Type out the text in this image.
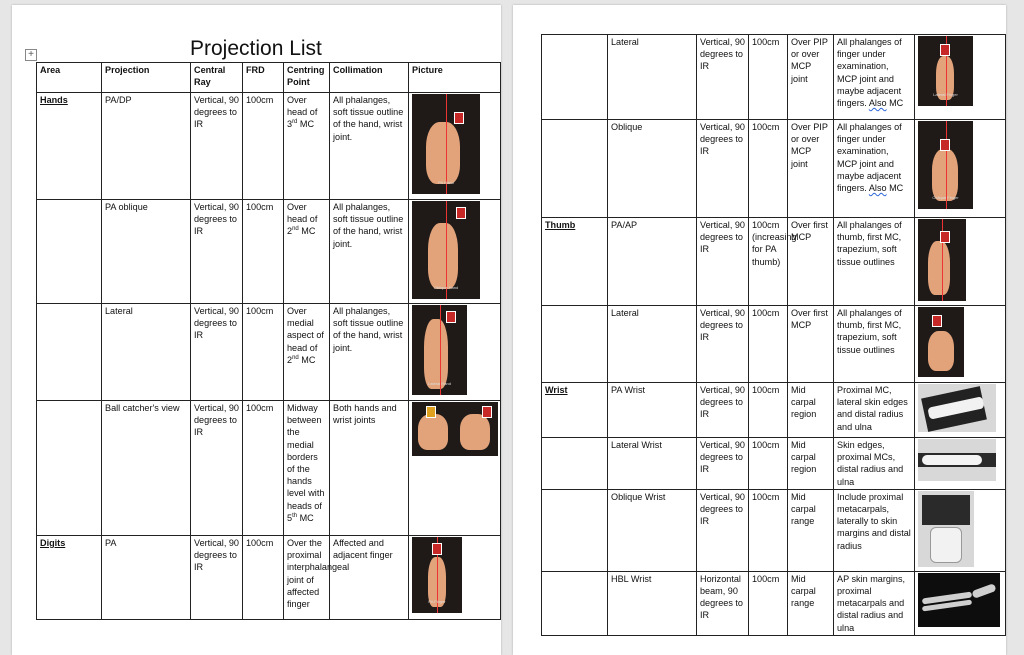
+	Projection List
Area	Projection	Central Ray	FRD	Centring Point	Collimation	Picture
Hands	PA/DP	Vertical, 90 degrees to IR	100cm	Over head of 3rd MC	All phalanges, soft tissue outline of the hand, wrist joint.	PA Hand

	PA oblique	Vertical, 90 degrees to IR	100cm	Over head of 2nd MC	All phalanges, soft tissue outline of the hand, wrist joint.	Oblique Hand

	Lateral	Vertical, 90 degrees to IR	100cm	Over medial aspect of head of 2nd MC	All phalanges, soft tissue outline of the hand, wrist joint.	Lateral Hand

	Ball catcher's view	Vertical, 90 degrees to IR	100cm	Midway between the medial borders of the hands level with heads of 5th MC	Both hands and wrist joints	

Digits	PA	Vertical, 90 degrees to IR	100cm	Over the proximal interphalangeal joint of affected finger	Affected and adjacent finger	PA Finger
	Lateral	Vertical, 90 degrees to IR	100cm	Over PIP or over MCP joint	All phalanges of finger under examination, MCP joint and maybe adjacent fingers. Also MC	Lateral Finger

	Oblique	Vertical, 90 degrees to IR	100cm	Over PIP or over MCP joint	All phalanges of finger under examination, MCP joint and maybe adjacent fingers. Also MC	Oblique Finger

Thumb	PA/AP	Vertical, 90 degrees to IR	100cm (increasing for PA thumb)	Over first MCP	All phalanges of thumb, first MC, trapezium, soft tissue outlines	

	Lateral	Vertical, 90 degrees to IR	100cm	Over first MCP	All phalanges of thumb, first MC, trapezium, soft tissue outlines	

Wrist	PA Wrist	Vertical, 90 degrees to IR	100cm	Mid carpal region	Proximal MC, lateral skin edges and distal radius and ulna	

	Lateral Wrist	Vertical, 90 degrees to IR	100cm	Mid carpal region	Skin edges, proximal MCs, distal radius and ulna	

	Oblique Wrist	Vertical, 90 degrees to IR	100cm	Mid carpal range	Include proximal metacarpals, laterally to skin margins and distal radius	

	HBL Wrist	Horizontal beam, 90 degrees to IR	100cm	Mid carpal range	AP skin margins, proximal metacarpals and distal radius and ulna	
